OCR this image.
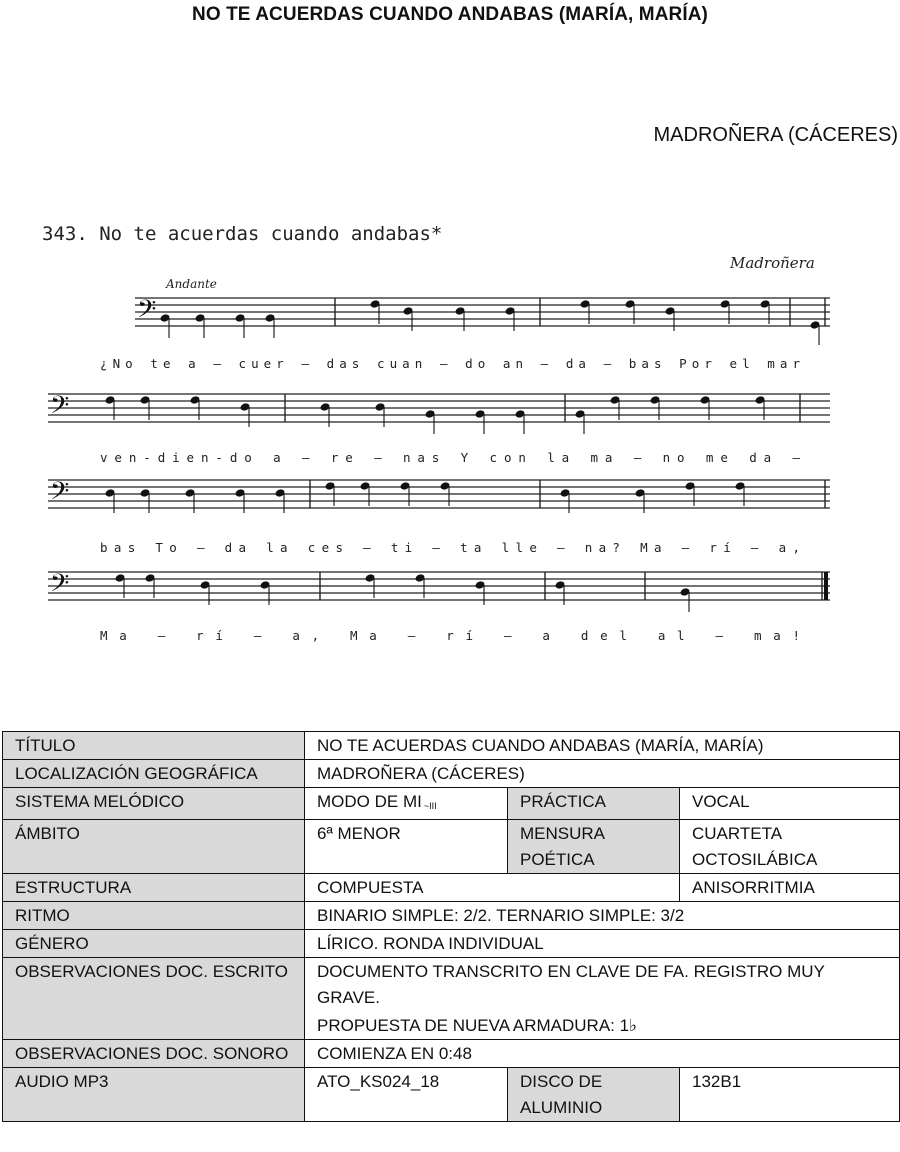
NO TE ACUERDAS CUANDO ANDABAS (MARÍA, MARÍA)
MADROÑERA (CÁCERES)
343. No te acuerdas cuando andabas*
Madroñera
Andante
𝄢
𝄢
𝄢
𝄢
¿No te a – cuer – das cuan – do an – da – bas Por el mar
ven-dien-do a – re – nas Y con la ma – no me da –
bas To – da la ces – ti – ta lle – na? Ma – rí – a,
Ma – rí – a, Ma – rí – a del al – ma!
TÍTULO	NO TE ACUERDAS CUANDO ANDABAS (MARÍA, MARÍA)		
LOCALIZACIÓN GEOGRÁFICA	MADROÑERA (CÁCERES)		
SISTEMA MELÓDICO	MODO DE MI $_{\sim III}$	PRÁCTICA	VOCAL
ÁMBITO	6ª MENOR	MENSURA POÉTICA	CUARTETA OCTOSILÁBICA
ESTRUCTURA	COMPUESTA		ANISORRITMIA
RITMO	BINARIO SIMPLE: 2/2. TERNARIO SIMPLE: 3/2		
GÉNERO	LÍRICO. RONDA INDIVIDUAL		
OBSERVACIONES DOC. ESCRITO	DOCUMENTO TRANSCRITO EN CLAVE DE FA. REGISTRO MUY GRAVE.
PROPUESTA DE NUEVA ARMADURA: 1♭		

OBSERVACIONES DOC. SONORO	COMIENZA EN 0:48		
AUDIO MP3	ATO_KS024_18	DISCO DE ALUMINIO	132B1
